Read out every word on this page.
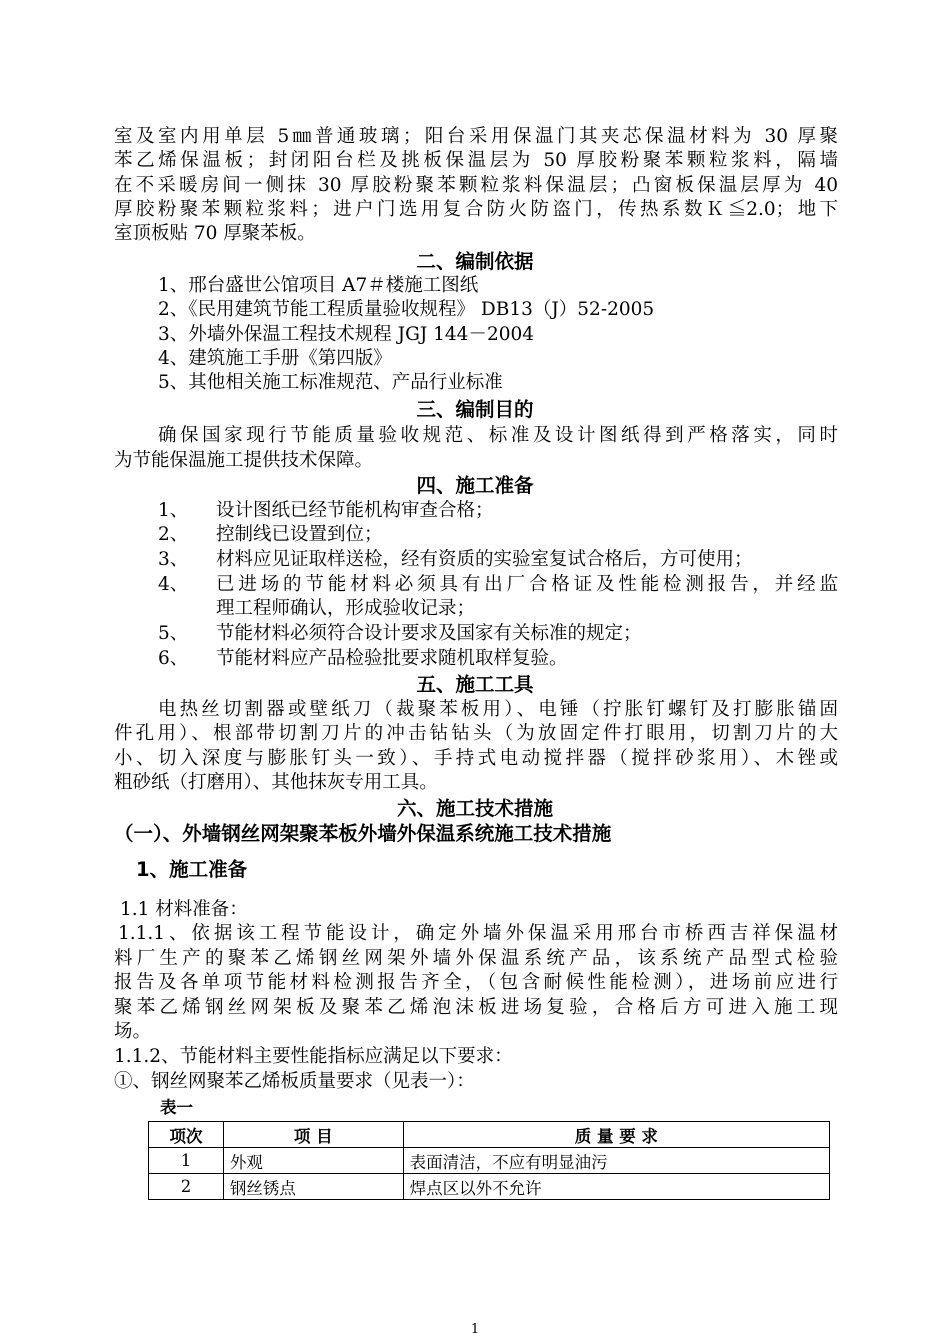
室及室内用单层 5㎜普通玻璃；阳台采用保温门其夹芯保温材料为 30 厚聚

苯乙烯保温板；封闭阳台栏及挑板保温层为 50 厚胶粉聚苯颗粒浆料，隔墙

在不采暖房间一侧抹 30 厚胶粉聚苯颗粒浆料保温层；凸窗板保温层厚为 40

厚胶粉聚苯颗粒浆料；进户门选用复合防火防盗门，传热系数Ｋ≦2.0；地下

室顶板贴 70 厚聚苯板。

二、编制依据

1、邢台盛世公馆项目 A7＃楼施工图纸

2、《民用建筑节能工程质量验收规程》 DB13（J）52-2005

3、外墙外保温工程技术规程 JGJ 144－2004

4、建筑施工手册《第四版》

5、其他相关施工标准规范、产品行业标准

三、编制目的

确保国家现行节能质量验收规范、标准及设计图纸得到严格落实，同时

为节能保温施工提供技术保障。

四、施工准备

1、 设计图纸已经节能机构审查合格；
2、 控制线已设置到位；
3、 材料应见证取样送检，经有资质的实验室复试合格后，方可使用；
4、 已进场的节能材料必须具有出厂合格证及性能检测报告，并经监
理工程师确认，形成验收记录；
5、 节能材料必须符合设计要求及国家有关标准的规定；
6、 节能材料应产品检验批要求随机取样复验。

五、施工工具

电热丝切割器或壁纸刀（裁聚苯板用）、电锤（拧胀钉螺钉及打膨胀锚固

件孔用）、根部带切割刀片的冲击钻钻头（为放固定件打眼用，切割刀片的大

小、切入深度与膨胀钉头一致）、手持式电动搅拌器（搅拌砂浆用）、木锉或

粗砂纸（打磨用）、其他抹灰专用工具。

六、施工技术措施

（一）、外墙钢丝网架聚苯板外墙外保温系统施工技术措施

1、施工准备

1.1 材料准备：

1.1.1、依据该工程节能设计，确定外墙外保温采用邢台市桥西吉祥保温材

料厂生产的聚苯乙烯钢丝网架外墙外保温系统产品，该系统产品型式检验

报告及各单项节能材料检测报告齐全，（包含耐候性能检测），进场前应进行

聚苯乙烯钢丝网架板及聚苯乙烯泡沫板进场复验，合格后方可进入施工现

场。

1.1.2、节能材料主要性能指标应满足以下要求：

①、钢丝网聚苯乙烯板质量要求（见表一）：

表一

项次	项 目	质 量 要 求
1	外观	表面清洁，不应有明显油污
2	钢丝锈点	焊点区以外不允许
1
